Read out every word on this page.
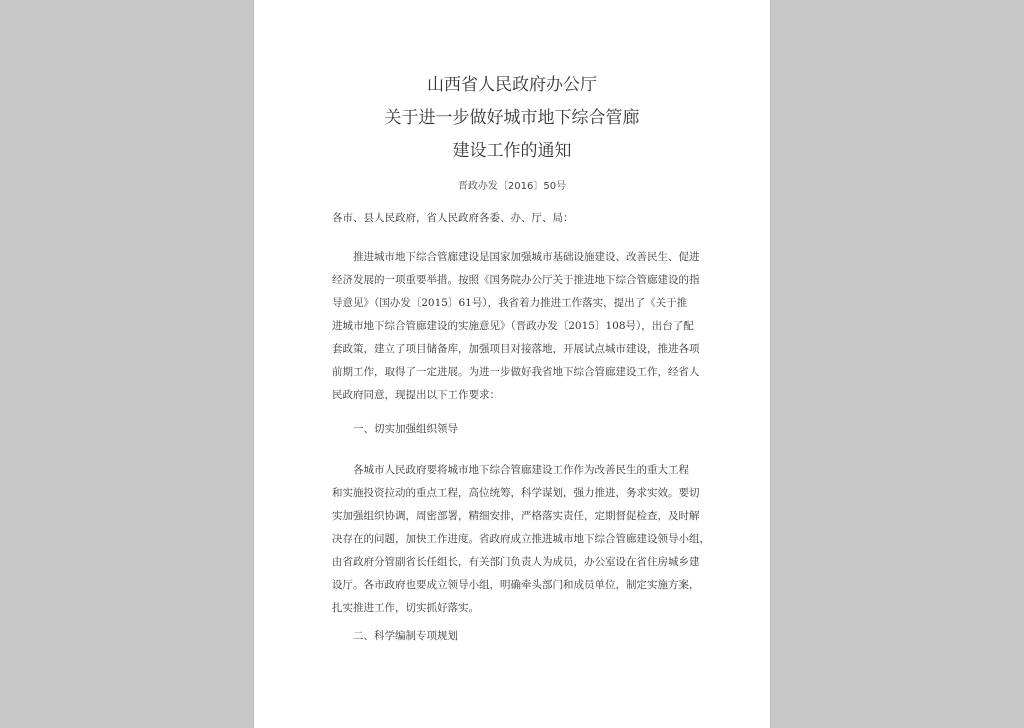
山西省人民政府办公厅
关于进一步做好城市地下综合管廊
建设工作的通知
晋政办发〔2016〕50号
各市、县人民政府，省人民政府各委、办、厅、局：
推进城市地下综合管廊建设是国家加强城市基础设施建设、改善民生、促进
经济发展的一项重要举措。按照《国务院办公厅关于推进地下综合管廊建设的指
导意见》（国办发〔2015〕61号），我省着力推进工作落实，提出了《关于推
进城市地下综合管廊建设的实施意见》（晋政办发〔2015〕108号），出台了配
套政策，建立了项目储备库，加强项目对接落地，开展试点城市建设，推进各项
前期工作，取得了一定进展。为进一步做好我省地下综合管廊建设工作，经省人
民政府同意，现提出以下工作要求：
一、切实加强组织领导
各城市人民政府要将城市地下综合管廊建设工作作为改善民生的重大工程
和实施投资拉动的重点工程，高位统筹，科学谋划，强力推进，务求实效。要切
实加强组织协调，周密部署，精细安排，严格落实责任，定期督促检查，及时解
决存在的问题，加快工作进度。省政府成立推进城市地下综合管廊建设领导小组，
由省政府分管副省长任组长，有关部门负责人为成员，办公室设在省住房城乡建
设厅。各市政府也要成立领导小组，明确牵头部门和成员单位，制定实施方案，
扎实推进工作，切实抓好落实。
二、科学编制专项规划
